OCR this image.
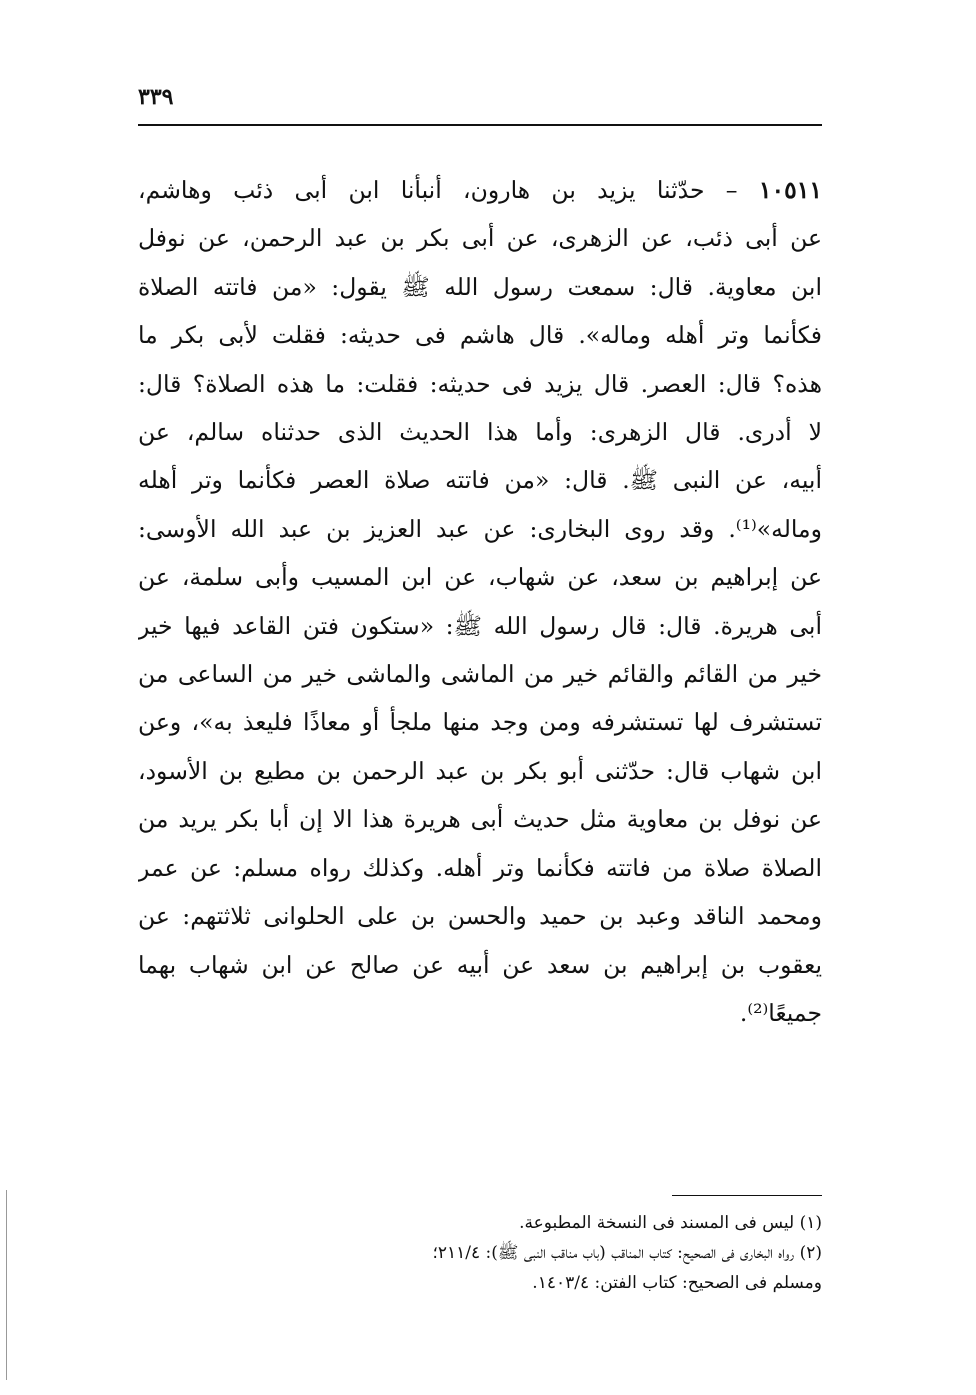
٣٣٩
١٠٥١١ – حدّثنا يزيد بن هارون، أنبأنا ابن أبى ذئب وهاشم،
عن أبى ذئب، عن الزهرى، عن أبى بكر بن عبد الرحمن، عن نوفل
ابن معاوية. قال: سمعت رسول الله ﷺ يقول: «من فاتته الصلاة
فكأنما وتر أهله وماله». قال هاشم فى حديثه: فقلت لأبى بكر ما
هذه؟ قال: العصر. قال يزيد فى حديثه: فقلت: ما هذه الصلاة؟ قال:
لا أدرى. قال الزهرى: وأما هذا الحديث الذى حدثناه سالم، عن
أبيه، عن النبى ﷺ. قال: «من فاتته صلاة العصر فكأنما وتر أهله
وماله»⁽¹⁾. وقد روى البخارى: عن عبد العزيز بن عبد الله الأوسى:
عن إبراهيم بن سعد، عن شهاب، عن ابن المسيب وأبى سلمة، عن
أبى هريرة. قال: قال رسول الله ﷺ: «ستكون فتن القاعد فيها خير
خير من القائم والقائم خير من الماشى والماشى خير من الساعى من
تستشرف لها تستشرفه ومن وجد منها ملجأ أو معاذًا فليعذ به»، وعن
ابن شهاب قال: حدّثنى أبو بكر بن عبد الرحمن بن مطيع بن الأسود،
عن نوفل بن معاوية مثل حديث أبى هريرة هذا الا إن أبا بكر يريد من
الصلاة صلاة من فاتته فكأنما وتر أهله. وكذلك رواه مسلم: عن عمر
ومحمد الناقد وعبد بن حميد والحسن بن على الحلوانى ثلاثتهم: عن
يعقوب بن إبراهيم بن سعد عن أبيه عن صالح عن ابن شهاب بهما
جميعًا⁽²⁾.
(١) ليس فى المسند فى النسخة المطبوعة.
(٢) رواه البخارى فى الصحيح: كتاب المناقب (باب مناقب النبى ﷺ): ٢١١/٤؛
ومسلم فى الصحيح: كتاب الفتن: ١٤٠٣/٤.
